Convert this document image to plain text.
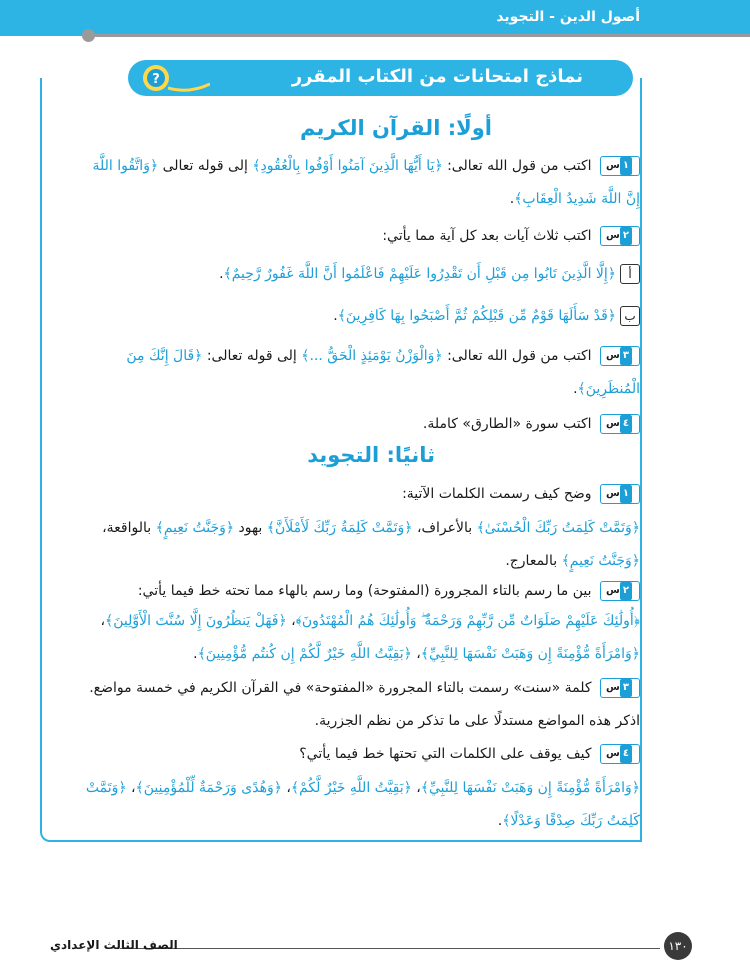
أصول الدين - التجويد
نماذج امتحانات من الكتاب المقرر
?
أولًا: القرآن الكريم
س ١ اكتب من قول الله تعالى: ﴿يَا أَيُّهَا الَّذِينَ آمَنُوا أَوْفُوا بِالْعُقُودِ﴾ إلى قوله تعالى ﴿وَاتَّقُوا اللَّهَ إِنَّ اللَّهَ شَدِيدُ الْعِقَابِ﴾.
س ٢ اكتب ثلاث آيات بعد كل آية مما يأتي:
أ﴿إِلَّا الَّذِينَ تَابُوا مِن قَبْلِ أَن تَقْدِرُوا عَلَيْهِمْ فَاعْلَمُوا أَنَّ اللَّهَ غَفُورٌ رَّحِيمٌ﴾.
ب﴿قَدْ سَأَلَهَا قَوْمٌ مِّن قَبْلِكُمْ ثُمَّ أَصْبَحُوا بِهَا كَافِرِينَ﴾.
س ٣ اكتب من قول الله تعالى: ﴿وَالْوَزْنُ يَوْمَئِذٍ الْحَقُّ ...﴾ إلى قوله تعالى: ﴿قَالَ إِنَّكَ مِنَ الْمُنظَرِينَ﴾.
س ٤ اكتب سورة «الطارق» كاملة.
ثانيًا: التجويد
س ١ وضح كيف رسمت الكلمات الآتية:
﴿وَتَمَّتْ كَلِمَتُ رَبِّكَ الْحُسْنَىٰ﴾ بالأعراف، ﴿وَتَمَّتْ كَلِمَةُ رَبِّكَ لَأَمْلَأَنَّ﴾ بهود ﴿وَجَنَّتُ نَعِيمٍ﴾ بالواقعة، ﴿وَجَنَّتُ نَعِيمٍ﴾ بالمعارج.
س ٢ بين ما رسم بالتاء المجرورة (المفتوحة) وما رسم بالهاء مما تحته خط فيما يأتي:
﴿أُولَٰئِكَ عَلَيْهِمْ صَلَوَاتٌ مِّن رَّبِّهِمْ وَرَحْمَةٌ ۖ وَأُولَٰئِكَ هُمُ الْمُهْتَدُونَ﴾، ﴿فَهَلْ يَنظُرُونَ إِلَّا سُنَّتَ الْأَوَّلِينَ﴾، ﴿وَامْرَأَةً مُّؤْمِنَةً إِن وَهَبَتْ نَفْسَهَا لِلنَّبِيِّ﴾، ﴿بَقِيَّتُ اللَّهِ خَيْرٌ لَّكُمْ إِن كُنتُم مُّؤْمِنِينَ﴾.
س ٣ كلمة «سنت» رسمت بالتاء المجرورة «المفتوحة» في القرآن الكريم في خمسة مواضع. اذكر هذه المواضع مستدلًا على ما تذكر من نظم الجزرية.
س ٤ كيف يوقف على الكلمات التي تحتها خط فيما يأتي؟
﴿وَامْرَأَةً مُّؤْمِنَةً إِن وَهَبَتْ نَفْسَهَا لِلنَّبِيِّ﴾، ﴿بَقِيَّتُ اللَّهِ خَيْرٌ لَّكُمْ﴾، ﴿وَهُدًى وَرَحْمَةٌ لِّلْمُؤْمِنِينَ﴾، ﴿وَتَمَّتْ كَلِمَتُ رَبِّكَ صِدْقًا وَعَدْلًا﴾.
الصف الثالث الإعدادي	١٣٠
